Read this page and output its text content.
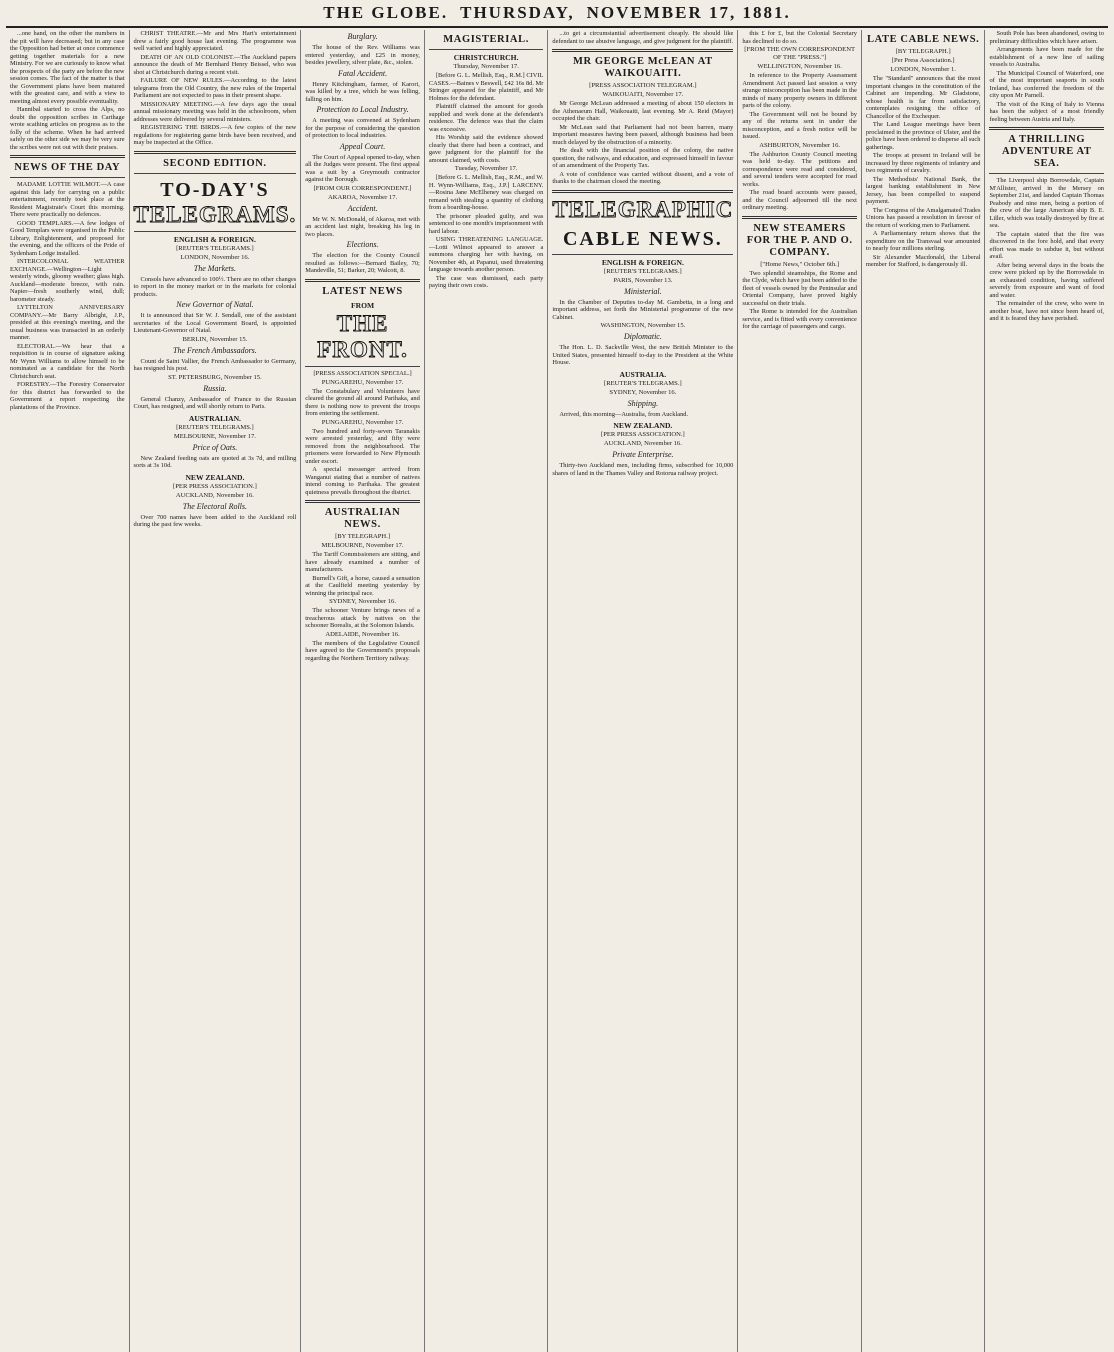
THE GLOBE. THURSDAY, NOVEMBER 17, 1881.

...one hand, on the other the numbers in the pit will have decreased; but in any case the Opposition had better at once commence getting together materials for a new Ministry. For we are curiously to know what the prospects of the party are before the new session comes. The fact of the matter is that the Government plans have been matured with the greatest care, and with a view to meeting almost every possible eventuality.

Hannibal started to cross the Alps, no doubt the opposition scribes in Carthage wrote scathing articles on progress as to the folly of the scheme. When he had arrived safely on the other side we may be very sure the scribes were not out with their praises.

NEWS OF THE DAY

MADAME LOTTIE WILMOT.—A case against this lady for carrying on a public entertainment, recently took place at the Resident Magistrate's Court this morning. There were practically no defences.

GOOD TEMPLARS.—A few lodges of Good Templars were organised in the Public Library, Enlightenment, and proposed for the evening, and the officers of the Pride of Sydenham Lodge installed.

INTERCOLONIAL WEATHER EXCHANGE.—Wellington—Light westerly winds, gloomy weather; glass high. Auckland—moderate breeze, with rain. Napier—fresh southerly wind, dull; barometer steady.

LYTTELTON ANNIVERSARY COMPANY.—Mr Barry Albright, J.P., presided at this evening's meeting, and the usual business was transacted in an orderly manner.

ELECTORAL.—We hear that a requisition is in course of signature asking Mr Wynn Williams to allow himself to be nominated as a candidate for the North Christchurch seat.

FORESTRY.—The Forestry Conservator for this district has forwarded to the Government a report respecting the plantations of the Province.

CHRIST THEATRE.—Mr and Mrs Hart's entertainment drew a fairly good house last evening. The programme was well varied and highly appreciated.

DEATH OF AN OLD COLONIST.—The Auckland papers announce the death of Mr Bernhard Henry Beissel, who was shot at Christchurch during a recent visit.

FAILURE OF NEW RULES.—According to the latest telegrams from the Old Country, the new rules of the Imperial Parliament are not expected to pass in their present shape.

MISSIONARY MEETING.—A few days ago the usual annual missionary meeting was held in the schoolroom, when addresses were delivered by several ministers.

REGISTERING THE BIRDS.—A few copies of the new regulations for registering game birds have been received, and may be inspected at the Office.

SECOND EDITION.
TO-DAY'S
TELEGRAMS.
ENGLISH & FOREIGN.
[REUTER'S TELEGRAMS.]
LONDON, November 16.
The Markets.

Consols have advanced to 100½. There are no other changes to report in the money market or in the markets for colonial products.

New Governor of Natal.

It is announced that Sir W. J. Sendall, one of the assistant secretaries of the Local Government Board, is appointed Lieutenant-Governor of Natal.

BERLIN, November 15.
The French Ambassadors.

Count de Saint Vallier, the French Ambassador to Germany, has resigned his post.

ST. PETERSBURG, November 15.
Russia.

General Chanzy, Ambassador of France to the Russian Court, has resigned, and will shortly return to Paris.

AUSTRALIAN.
[REUTER'S TELEGRAMS.]
MELBOURNE, November 17.
Price of Oats.

New Zealand feeding oats are quoted at 3s 7d, and milling sorts at 3s 10d.

NEW ZEALAND.
[PER PRESS ASSOCIATION.]
AUCKLAND, November 16.
The Electoral Rolls.

Over 700 names have been added to the Auckland roll during the past few weeks.

Burglary.

The house of the Rev. Williams was entered yesterday, and £25 in money, besides jewellery, silver plate, &c., stolen.

Fatal Accident.

Henry Kitchingham, farmer, of Karori, was killed by a tree, which he was felling, falling on him.

Protection to Local Industry.

A meeting was convened at Sydenham for the purpose of considering the question of protection to local industries.

Appeal Court.

The Court of Appeal opened to-day, when all the Judges were present. The first appeal was a suit by a Greymouth contractor against the Borough.

[FROM OUR CORRESPONDENT.]
AKAROA, November 17.
Accident.

Mr W. N. McDonald, of Akaroa, met with an accident last night, breaking his leg in two places.

Elections.

The election for the County Council resulted as follows:—Bernard Bailey, 70; Mandeville, 51; Barker, 20; Walcott, 8.

LATEST NEWS
FROM
THE FRONT.
[PRESS ASSOCIATION SPECIAL.]
PUNGAREHU, November 17.

The Constabulary and Volunteers have cleared the ground all around Parihaka, and there is nothing now to prevent the troops from entering the settlement.

PUNGAREHU, November 17.

Two hundred and forty-seven Taranakis were arrested yesterday, and fifty were removed from the neighbourhood. The prisoners were forwarded to New Plymouth under escort.

A special messenger arrived from Wanganui stating that a number of natives intend coming to Parihaka. The greatest quietness prevails throughout the district.

AUSTRALIAN NEWS.
[BY TELEGRAPH.]
MELBOURNE, November 17.

The Tariff Commissioners are sitting, and have already examined a number of manufacturers.

Burnell's Gift, a horse, caused a sensation at the Caulfield meeting yesterday by winning the principal race.

SYDNEY, November 16.

The schooner Venture brings news of a treacherous attack by natives on the schooner Borealis, at the Solomon Islands.

ADELAIDE, November 16.

The members of the Legislative Council have agreed to the Government's proposals regarding the Northern Territory railway.

MAGISTERIAL.
CHRISTCHURCH.
Thursday, November 17.

[Before G. L. Mellish, Esq., R.M.] CIVIL CASES.—Baines v Beswell, £42 16s 8d. Mr Stringer appeared for the plaintiff, and Mr Holmes for the defendant.

Plaintiff claimed the amount for goods supplied and work done at the defendant's residence. The defence was that the claim was excessive.

His Worship said the evidence showed clearly that there had been a contract, and gave judgment for the plaintiff for the amount claimed, with costs.

Tuesday, November 17.

[Before G. L. Mellish, Esq., R.M., and W. H. Wynn-Williams, Esq., J.P.] LARCENY.—Rosina Jane McElheney was charged on remand with stealing a quantity of clothing from a boarding-house.

The prisoner pleaded guilty, and was sentenced to one month's imprisonment with hard labour.

USING THREATENING LANGUAGE.—Lotti Wilmot appeared to answer a summons charging her with having, on November 4th, at Papanui, used threatening language towards another person.

The case was dismissed, each party paying their own costs.

...to get a circumstantial advertisement cheaply. He should like defendant to use abusive language, and give judgment for the plaintiff.

MR GEORGE McLEAN AT WAIKOUAITI.
[PRESS ASSOCIATION TELEGRAM.]
WAIKOUAITI, November 17.

Mr George McLean addressed a meeting of about 150 electors in the Athenaeum Hall, Waikouaiti, last evening. Mr A. Reid (Mayor) occupied the chair.

Mr McLean said that Parliament had not been barren, many important measures having been passed, although business had been much delayed by the obstruction of a minority.

He dealt with the financial position of the colony, the native question, the railways, and education, and expressed himself in favour of an amendment of the Property Tax.

A vote of confidence was carried without dissent, and a vote of thanks to the chairman closed the meeting.

TELEGRAPHIC
CABLE NEWS.
ENGLISH & FOREIGN.
[REUTER'S TELEGRAMS.]
PARIS, November 13.
Ministerial.

In the Chamber of Deputies to-day M. Gambetta, in a long and important address, set forth the Ministerial programme of the new Cabinet.

WASHINGTON, November 15.
Diplomatic.

The Hon. L. D. Sackville West, the new British Minister to the United States, presented himself to-day to the President at the White House.

AUSTRALIA.
[REUTER'S TELEGRAMS.]
SYDNEY, November 16.
Shipping.

Arrived, this morning—Australia, from Auckland.

NEW ZEALAND.
[PER PRESS ASSOCIATION.]
AUCKLAND, November 16.
Private Enterprise.

Thirty-two Auckland men, including firms, subscribed for 10,000 shares of land in the Thames Valley and Rotorua railway project.

this £ for £, but the Colonial Secretary has declined to do so.

[FROM THE OWN CORRESPONDENT OF THE "PRESS."]
WELLINGTON, November 16.

In reference to the Property Assessment Amendment Act passed last session a very strange misconception has been made in the minds of many property owners in different parts of the colony.

The Government will not be bound by any of the returns sent in under the misconception, and a fresh notice will be issued.

ASHBURTON, November 16.

The Ashburton County Council meeting was held to-day. The petitions and correspondence were read and considered, and several tenders were accepted for road works.

The road board accounts were passed, and the Council adjourned till the next ordinary meeting.

NEW STEAMERS FOR THE P. AND O. COMPANY.
["Home News," October 6th.]

Two splendid steamships, the Rome and the Clyde, which have just been added to the fleet of vessels owned by the Peninsular and Oriental Company, have proved highly successful on their trials.

The Rome is intended for the Australian service, and is fitted with every convenience for the carriage of passengers and cargo.

LATE CABLE NEWS.
[BY TELEGRAPH.]
[Per Press Association.]
LONDON, November 1.

The "Standard" announces that the most important changes in the constitution of the Cabinet are impending. Mr Gladstone, whose health is far from satisfactory, contemplates resigning the office of Chancellor of the Exchequer.

The Land League meetings have been proclaimed in the province of Ulster, and the police have been ordered to disperse all such gatherings.

The troops at present in Ireland will be increased by three regiments of infantry and two regiments of cavalry.

The Methodists' National Bank, the largest banking establishment in New Jersey, has been compelled to suspend payment.

The Congress of the Amalgamated Trades Unions has passed a resolution in favour of the return of working men to Parliament.

A Parliamentary return shows that the expenditure on the Transvaal war amounted to nearly four millions sterling.

Sir Alexander Macdonald, the Liberal member for Stafford, is dangerously ill.

South Pole has been abandoned, owing to preliminary difficulties which have arisen.

Arrangements have been made for the establishment of a new line of sailing vessels to Australia.

The Municipal Council of Waterford, one of the most important seaports in south Ireland, has conferred the freedom of the city upon Mr Parnell.

The visit of the King of Italy to Vienna has been the subject of a most friendly feeling between Austria and Italy.

A THRILLING ADVENTURE AT SEA.

The Liverpool ship Borrowdale, Captain M'Allister, arrived in the Mersey on September 21st, and landed Captain Thomas Peabody and nine men, being a portion of the crew of the large American ship B. E. Liller, which was totally destroyed by fire at sea.

The captain stated that the fire was discovered in the fore hold, and that every effort was made to subdue it, but without avail.

After being several days in the boats the crew were picked up by the Borrowdale in an exhausted condition, having suffered severely from exposure and want of food and water.

The remainder of the crew, who were in another boat, have not since been heard of, and it is feared they have perished.
